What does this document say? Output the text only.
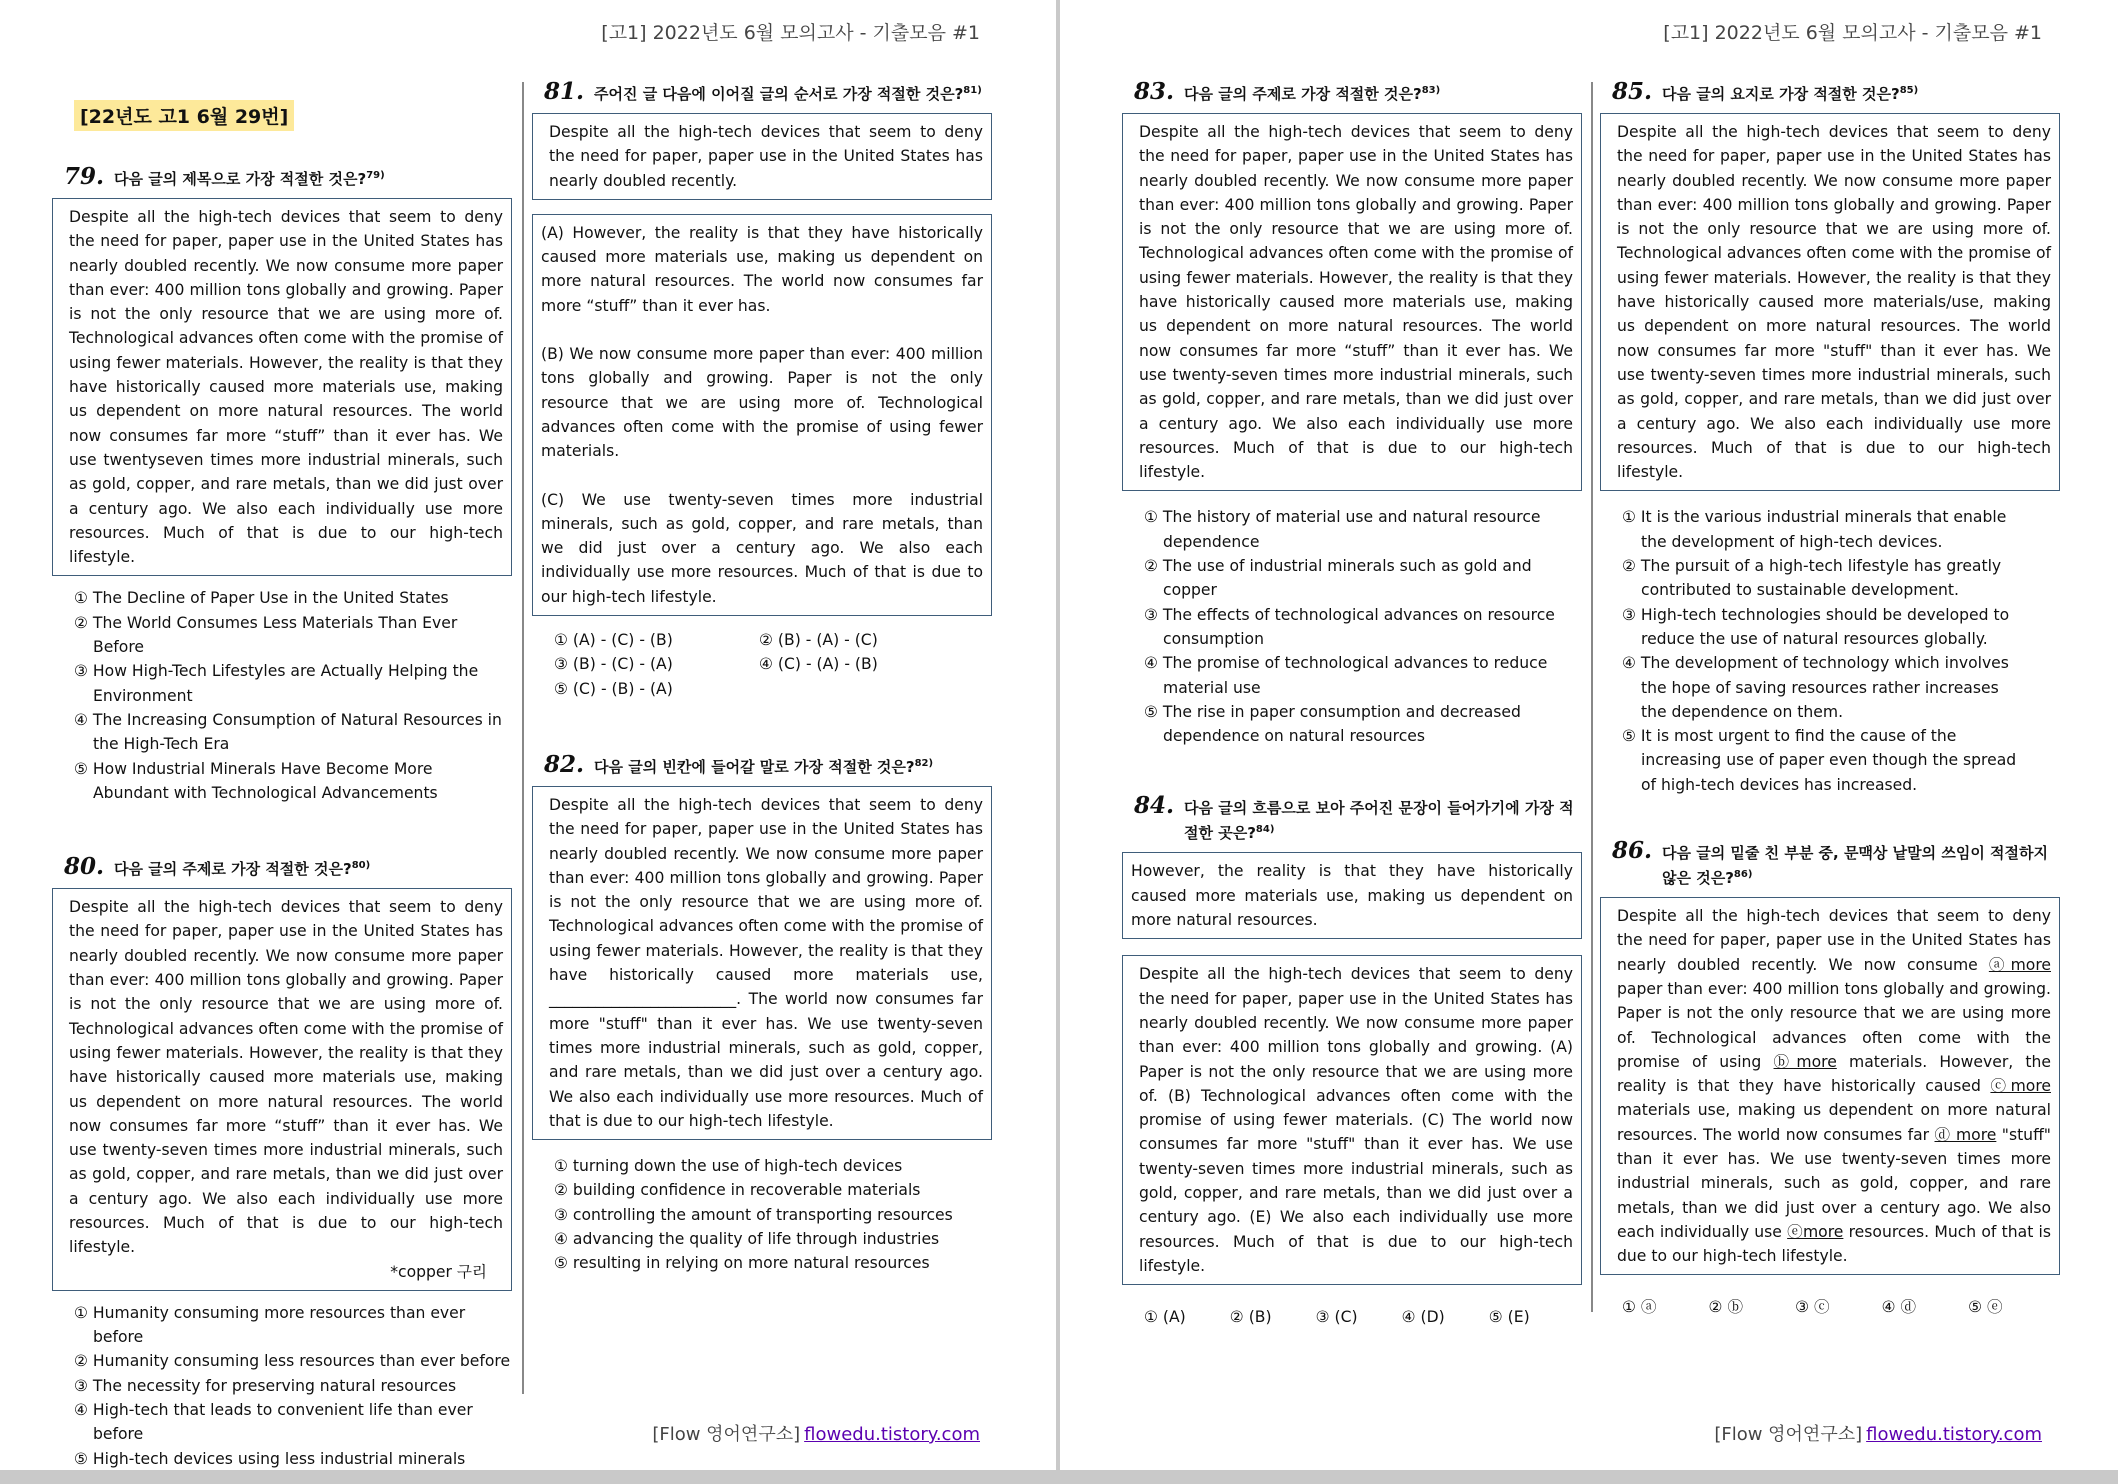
[고1] 2022년도 6월 모의고사 - 기출모음 #1
[22년도 고1 6월 29번]
79. 다음 글의 제목으로 가장 적절한 것은?$^{79)}$
Despite all the high-tech devices that seem to deny the need for paper, paper use in the United States has nearly doubled recently. We now consume more paper than ever: 400 million tons globally and growing. Paper is not the only resource that we are using more of. Technological advances often come with the promise of using fewer materials. However, the reality is that they have historically caused more materials use, making us dependent on more natural resources. The world now consumes far more “stuff” than it ever has. We use twentyseven times more industrial minerals, such as gold, copper, and rare metals, than we did just over a century ago. We also each individually use more resources. Much of that is due to our high-tech lifestyle.
① The Decline of Paper Use in the United States
② The World Consumes Less Materials Than Ever Before
③ How High-Tech Lifestyles are Actually Helping the Environment
④ The Increasing Consumption of Natural Resources in the High-Tech Era
⑤ How Industrial Minerals Have Become More Abundant with Technological Advancements
80. 다음 글의 주제로 가장 적절한 것은?$^{80)}$
Despite all the high-tech devices that seem to deny the need for paper, paper use in the United States has nearly doubled recently. We now consume more paper than ever: 400 million tons globally and growing. Paper is not the only resource that we are using more of. Technological advances often come with the promise of using fewer materials. However, the reality is that they have historically caused more materials use, making us dependent on more natural resources. The world now consumes far more “stuff” than it ever has. We use twenty-seven times more industrial minerals, such as gold, copper, and rare metals, than we did just over a century ago. We also each individually use more resources. Much of that is due to our high-tech lifestyle.
*copper 구리
① Humanity consuming more resources than ever before
② Humanity consuming less resources than ever before
③ The necessity for preserving natural resources
④ High-tech that leads to convenient life than ever before
⑤ High-tech devices using less industrial minerals
81. 주어진 글 다음에 이어질 글의 순서로 가장 적절한 것은?$^{81)}$
Despite all the high-tech devices that seem to deny the need for paper, paper use in the United States has nearly doubled recently.

(A) However, the reality is that they have historically caused more materials use, making us dependent on more natural resources. The world now consumes far more “stuff” than it ever has.

(B) We now consume more paper than ever: 400 million tons globally and growing. Paper is not the only resource that we are using more of. Technological advances often come with the promise of using fewer materials.

(C) We use twenty-seven times more industrial minerals, such as gold, copper, and rare metals, than we did just over a century ago. We also each individually use more resources. Much of that is due to our high-tech lifestyle.

① (A) - (C) - (B)	② (B) - (A) - (C)
③ (B) - (C) - (A)	④ (C) - (A) - (B)
⑤ (C) - (B) - (A)
82. 다음 글의 빈칸에 들어갈 말로 가장 적절한 것은?$^{82)}$
Despite all the high-tech devices that seem to deny the need for paper, paper use in the United States has nearly doubled recently. We now consume more paper than ever: 400 million tons globally and growing. Paper is not the only resource that we are using more of. Technological advances often come with the promise of using fewer materials. However, the reality is that they have historically caused more materials use, ________________________. The world now consumes far more "stuff" than it ever has. We use twenty-seven times more industrial minerals, such as gold, copper, and rare metals, than we did just over a century ago. We also each individually use more resources. Much of that is due to our high-tech lifestyle.
① turning down the use of high-tech devices
② building confidence in recoverable materials
③ controlling the amount of transporting resources
④ advancing the quality of life through industries
⑤ resulting in relying on more natural resources
[Flow 영어연구소] flowedu.tistory.com
[고1] 2022년도 6월 모의고사 - 기출모음 #1
83. 다음 글의 주제로 가장 적절한 것은?$^{83)}$
Despite all the high-tech devices that seem to deny the need for paper, paper use in the United States has nearly doubled recently. We now consume more paper than ever: 400 million tons globally and growing. Paper is not the only resource that we are using more of. Technological advances often come with the promise of using fewer materials. However, the reality is that they have historically caused more materials use, making us dependent on more natural resources. The world now consumes far more “stuff” than it ever has. We use twenty-seven times more industrial minerals, such as gold, copper, and rare metals, than we did just over a century ago. We also each individually use more resources. Much of that is due to our high-tech lifestyle.
① The history of material use and natural resource dependence
② The use of industrial minerals such as gold and copper
③ The effects of technological advances on resource consumption
④ The promise of technological advances to reduce material use
⑤ The rise in paper consumption and decreased dependence on natural resources
84. 다음 글의 흐름으로 보아 주어진 문장이 들어가기에 가장 적절한 곳은?$^{84)}$
However, the reality is that they have historically caused more materials use, making us dependent on more natural resources.
Despite all the high-tech devices that seem to deny the need for paper, paper use in the United States has nearly doubled recently. We now consume more paper than ever: 400 million tons globally and growing. (A) Paper is not the only resource that we are using more of. (B) Technological advances often come with the promise of using fewer materials. (C) The world now consumes far more "stuff" than it ever has. We use twenty-seven times more industrial minerals, such as gold, copper, and rare metals, than we did just over a century ago. (E) We also each individually use more resources. Much of that is due to our high-tech lifestyle.
① (A)	② (B)	③ (C)	④ (D)	⑤ (E)
85. 다음 글의 요지로 가장 적절한 것은?$^{85)}$
Despite all the high-tech devices that seem to deny the need for paper, paper use in the United States has nearly doubled recently. We now consume more paper than ever: 400 million tons globally and growing. Paper is not the only resource that we are using more of. Technological advances often come with the promise of using fewer materials. However, the reality is that they have historically caused more materials/use, making us dependent on more natural resources. The world now consumes far more "stuff" than it ever has. We use twenty-seven times more industrial minerals, such as gold, copper, and rare metals, than we did just over a century ago. We also each individually use more resources. Much of that is due to our high-tech lifestyle.
① It is the various industrial minerals that enable the development of high-tech devices.
② The pursuit of a high-tech lifestyle has greatly contributed to sustainable development.
③ High-tech technologies should be developed to reduce the use of natural resources globally.
④ The development of technology which involves the hope of saving resources rather increases the dependence on them.
⑤ It is most urgent to find the cause of the increasing use of paper even though the spread of high-tech devices has increased.
86. 다음 글의 밑줄 친 부분 중, 문맥상 낱말의 쓰임이 적절하지 않은 것은?$^{86)}$
Despite all the high-tech devices that seem to deny the need for paper, paper use in the United States has nearly doubled recently. We now consume ⓐmore paper than ever: 400 million tons globally and growing. Paper is not the only resource that we are using more of. Technological advances often come with the promise of using ⓑmore materials. However, the reality is that they have historically caused ⓒmore materials use, making us dependent on more natural resources. The world now consumes far ⓓ more "stuff" than it ever has. We use twenty-seven times more industrial minerals, such as gold, copper, and rare metals, than we did just over a century ago. We also each individually use ⓔmore resources. Much of that is due to our high-tech lifestyle.
① ⓐ	② ⓑ	③ ⓒ	④ ⓓ	⑤ ⓔ
[Flow 영어연구소] flowedu.tistory.com
